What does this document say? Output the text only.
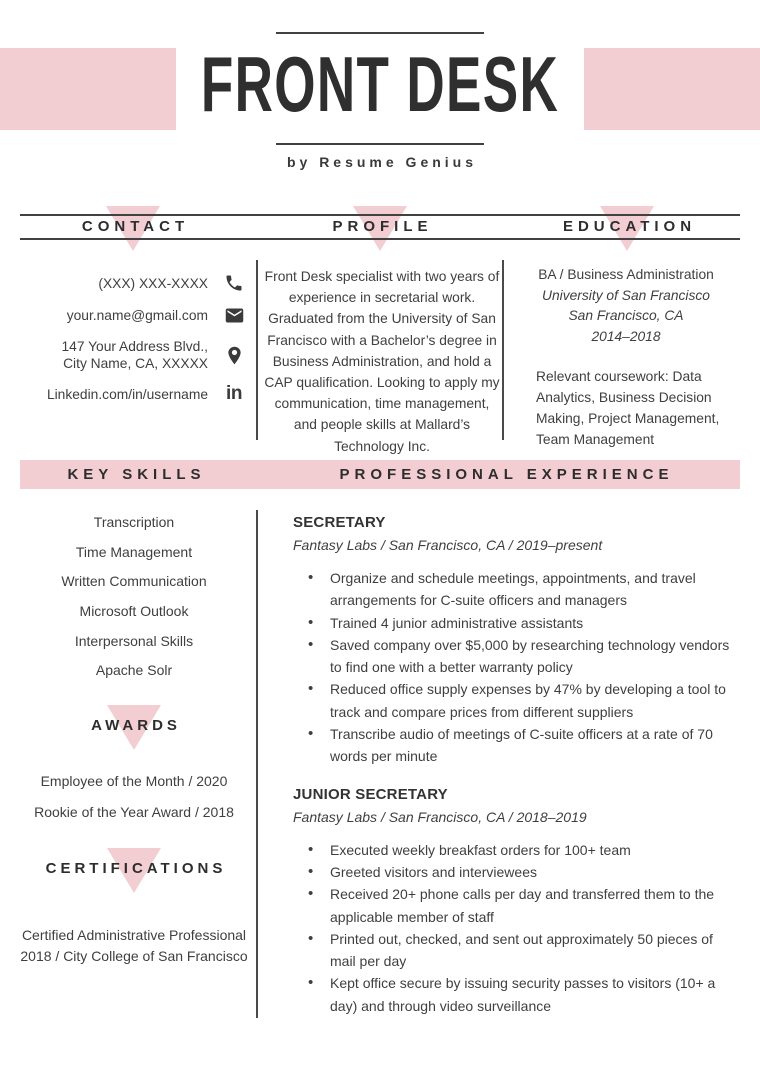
FRONT DESK
by Resume Genius
CONTACT	PROFILE	EDUCATION
(XXX) XXX-XXXX
your.name@gmail.com
147 Your Address Blvd.,
City Name, CA, XXXXX
Linkedin.com/in/username in
Front Desk specialist with two years of experience in secretarial work. Graduated from the University of San Francisco with a Bachelor’s degree in Business Administration, and hold a CAP qualification. Looking to apply my communication, time management, and people skills at Mallard’s Technology Inc.
BA / Business Administration
University of San Francisco
San Francisco, CA
2014–2018
Relevant coursework: Data Analytics, Business Decision Making, Project Management, Team Management
KEY SKILLS	PROFESSIONAL EXPERIENCE
Transcription
Time Management
Written Communication
Microsoft Outlook
Interpersonal Skills
Apache Solr
AWARDS
Employee of the Month / 2020
Rookie of the Year Award / 2018
CERTIFICATIONS
Certified Administrative Professional
2018 / City College of San Francisco
SECRETARY
Fantasy Labs / San Francisco, CA / 2019–present
• Organize and schedule meetings, appointments, and travel arrangements for C-suite officers and managers
• Trained 4 junior administrative assistants
• Saved company over $5,000 by researching technology vendors to find one with a better warranty policy
• Reduced office supply expenses by 47% by developing a tool to track and compare prices from different suppliers
• Transcribe audio of meetings of C-suite officers at a rate of 70 words per minute
JUNIOR SECRETARY
Fantasy Labs / San Francisco, CA / 2018–2019
• Executed weekly breakfast orders for 100+ team
• Greeted visitors and interviewees
• Received 20+ phone calls per day and transferred them to the applicable member of staff
• Printed out, checked, and sent out approximately 50 pieces of mail per day
• Kept office secure by issuing security passes to visitors (10+ a day) and through video surveillance
